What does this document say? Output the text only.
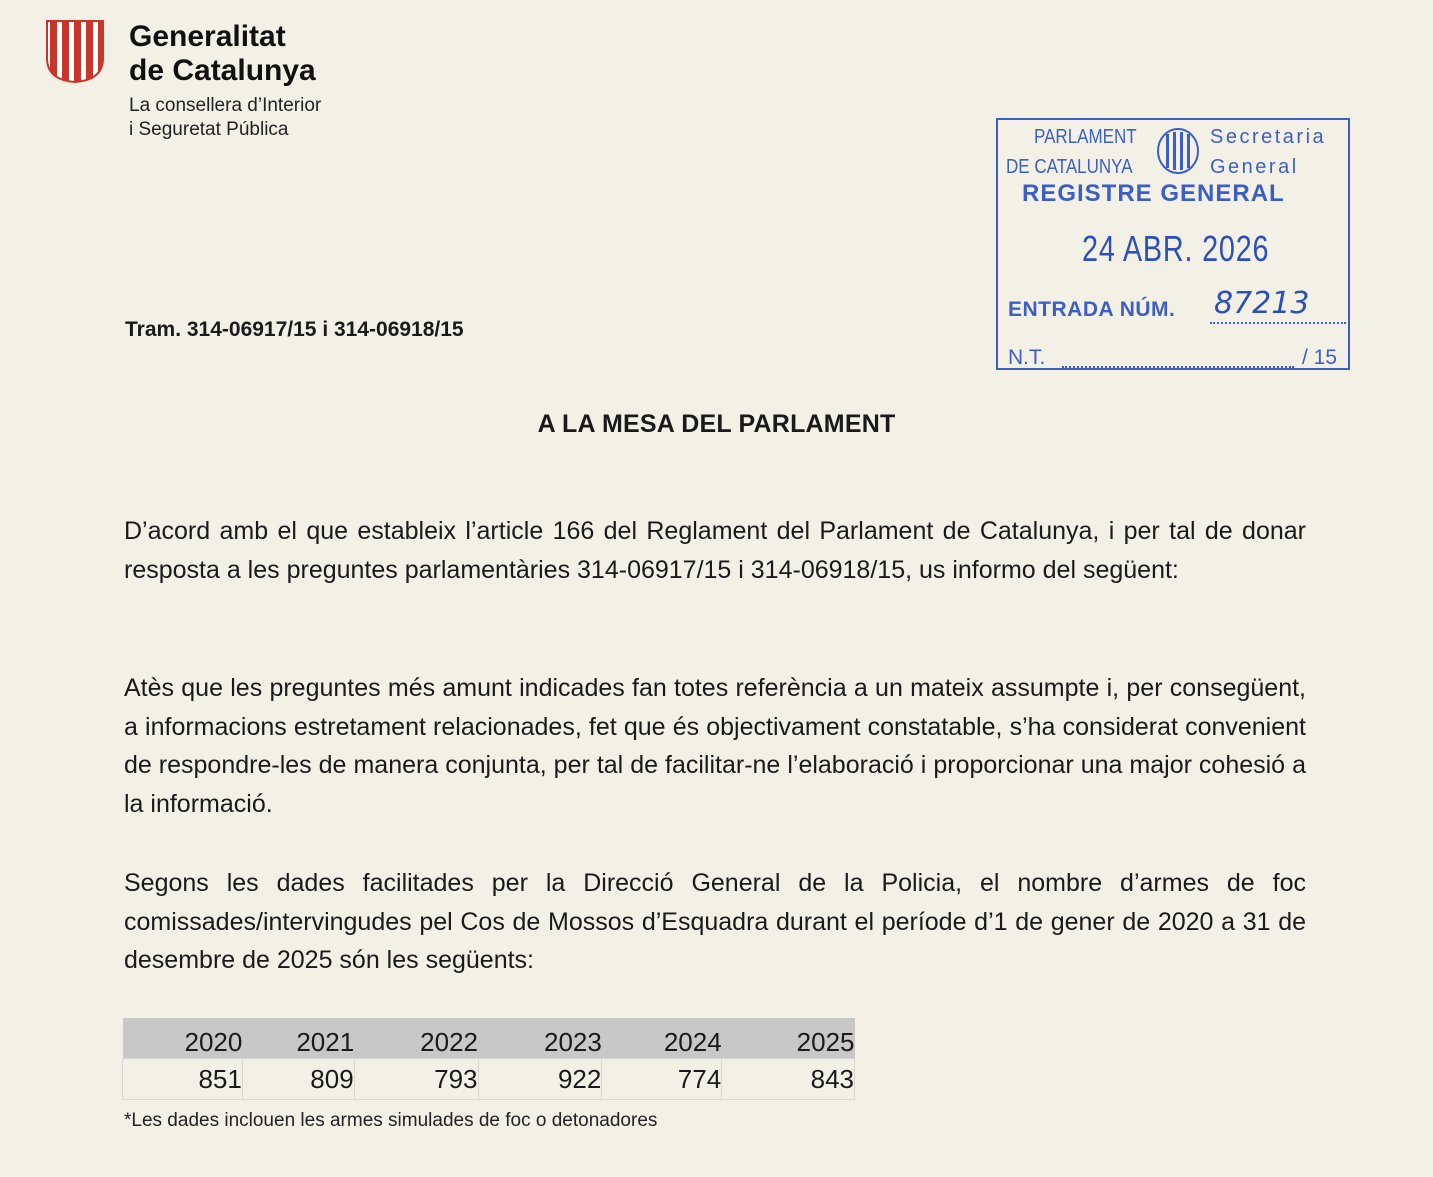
Generalitat
de Catalunya
La consellera d’Interior
i Seguretat Pública	PARLAMENT
DE CATALUNYA
Secretaria
General
REGISTRE GENERAL
24 ABR. 2026
ENTRADA NÚM. 87213
N.T.	/ 15
Tram. 314-06917/15 i 314-06918/15
A LA MESA DEL PARLAMENT

D’acord amb el que estableix l’article 166 del Reglament del Parlament de Catalunya, i per tal de donar resposta a les preguntes parlamentàries 314-06917/15 i 314-06918/15, us informo del següent:

Atès que les preguntes més amunt indicades fan totes referència a un mateix assumpte i, per consegüent, a informacions estretament relacionades, fet que és objectivament constatable, s’ha considerat convenient de respondre-les de manera conjunta, per tal de facilitar-ne l’elaboració i proporcionar una major cohesió a la informació.

Segons les dades facilitades per la Direcció General de la Policia, el nombre d’armes de foc comissades/intervingudes pel Cos de Mossos d’Esquadra durant el període d’1 de gener de 2020 a 31 de desembre de 2025 són les següents:

2020	2021	2022	2023	2024	2025
851	809	793	922	774	843
*Les dades inclouen les armes simulades de foc o detonadores
